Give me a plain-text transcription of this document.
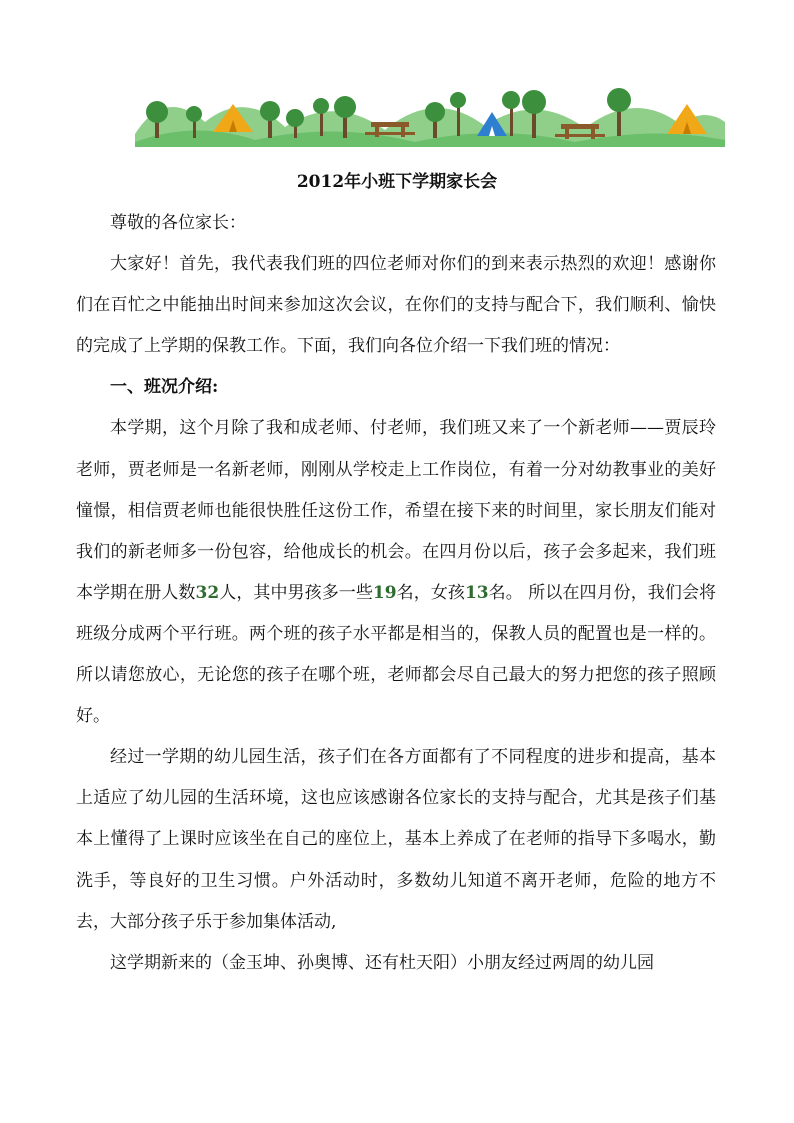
2012年小班下学期家长会

尊敬的各位家长：

大家好！首先，我代表我们班的四位老师对你们的到来表示热烈的欢迎！感谢你们在百忙之中能抽出时间来参加这次会议，在你们的支持与配合下，我们顺利、愉快的完成了上学期的保教工作。下面，我们向各位介绍一下我们班的情况：

一、班况介绍:

本学期，这个月除了我和成老师、付老师，我们班又来了一个新老师——贾辰玲老师，贾老师是一名新老师，刚刚从学校走上工作岗位，有着一分对幼教事业的美好憧憬，相信贾老师也能很快胜任这份工作，希望在接下来的时间里，家长朋友们能对我们的新老师多一份包容，给他成长的机会。在四月份以后，孩子会多起来，我们班本学期在册人数32人，其中男孩多一些19名，女孩13名。 所以在四月份，我们会将班级分成两个平行班。两个班的孩子水平都是相当的，保教人员的配置也是一样的。所以请您放心，无论您的孩子在哪个班，老师都会尽自己最大的努力把您的孩子照顾好。

经过一学期的幼儿园生活，孩子们在各方面都有了不同程度的进步和提高，基本上适应了幼儿园的生活环境，这也应该感谢各位家长的支持与配合，尤其是孩子们基本上懂得了上课时应该坐在自己的座位上，基本上养成了在老师的指导下多喝水，勤洗手，等良好的卫生习惯。户外活动时，多数幼儿知道不离开老师，危险的地方不去，大部分孩子乐于参加集体活动,

这学期新来的（金玉坤、孙奥博、还有杜天阳）小朋友经过两周的幼儿园
